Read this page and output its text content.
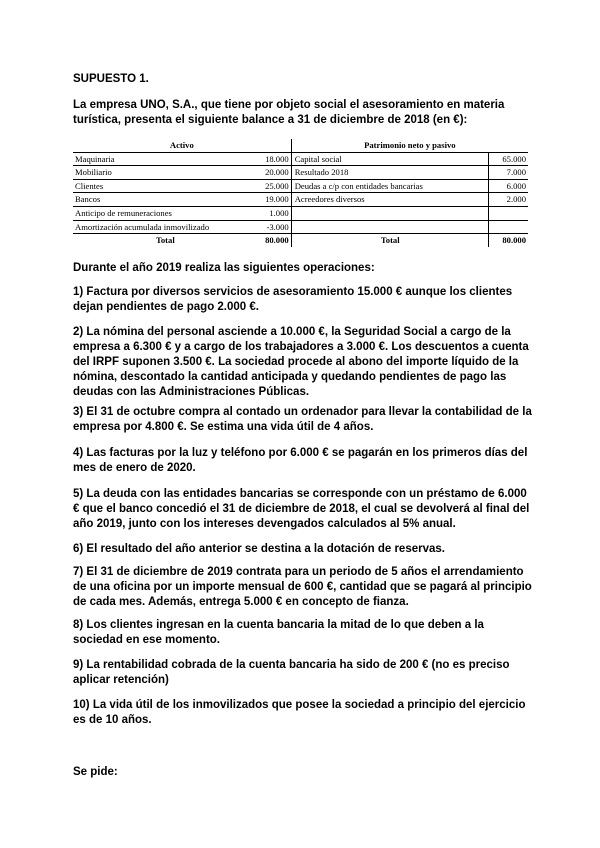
SUPUESTO 1.
La empresa UNO, S.A., que tiene por objeto social el asesoramiento en materia turística, presenta el siguiente balance a 31 de diciembre de 2018 (en €):
Activo		Patrimonio neto y pasivo	
Maquinaria	18.000	Capital social	65.000
Mobiliario	20.000	Resultado 2018	7.000
Clientes	25.000	Deudas a c/p con entidades bancarias	6.000
Bancos	19.000	Acreedores diversos	2.000
Anticipo de remuneraciones	1.000		
Amortización acumulada inmovilizado	-3.000		
Total	80.000	Total	80.000
Durante el año 2019 realiza las siguientes operaciones:
1) Factura por diversos servicios de asesoramiento 15.000 € aunque los clientes dejan pendientes de pago 2.000 €.
2) La nómina del personal asciende a 10.000 €, la Seguridad Social a cargo de la empresa a 6.300 € y a cargo de los trabajadores a 3.000 €. Los descuentos a cuenta del IRPF suponen 3.500 €. La sociedad procede al abono del importe líquido de la nómina, descontado la cantidad anticipada y quedando pendientes de pago las deudas con las Administraciones Públicas.
3) El 31 de octubre compra al contado un ordenador para llevar la contabilidad de la empresa por 4.800 €. Se estima una vida útil de 4 años.
4) Las facturas por la luz y teléfono por 6.000 € se pagarán en los primeros días del mes de enero de 2020.
5) La deuda con las entidades bancarias se corresponde con un préstamo de 6.000 € que el banco concedió el 31 de diciembre de 2018, el cual se devolverá al final del año 2019, junto con los intereses devengados calculados al 5% anual.
6) El resultado del año anterior se destina a la dotación de reservas.
7) El 31 de diciembre de 2019 contrata para un periodo de 5 años el arrendamiento de una oficina por un importe mensual de 600 €, cantidad que se pagará al principio de cada mes. Además, entrega 5.000 € en concepto de fianza.
8) Los clientes ingresan en la cuenta bancaria la mitad de lo que deben a la sociedad en ese momento.
9) La rentabilidad cobrada de la cuenta bancaria ha sido de 200 € (no es preciso aplicar retención)
10) La vida útil de los inmovilizados que posee la sociedad a principio del ejercicio es de 10 años.
Se pide:
